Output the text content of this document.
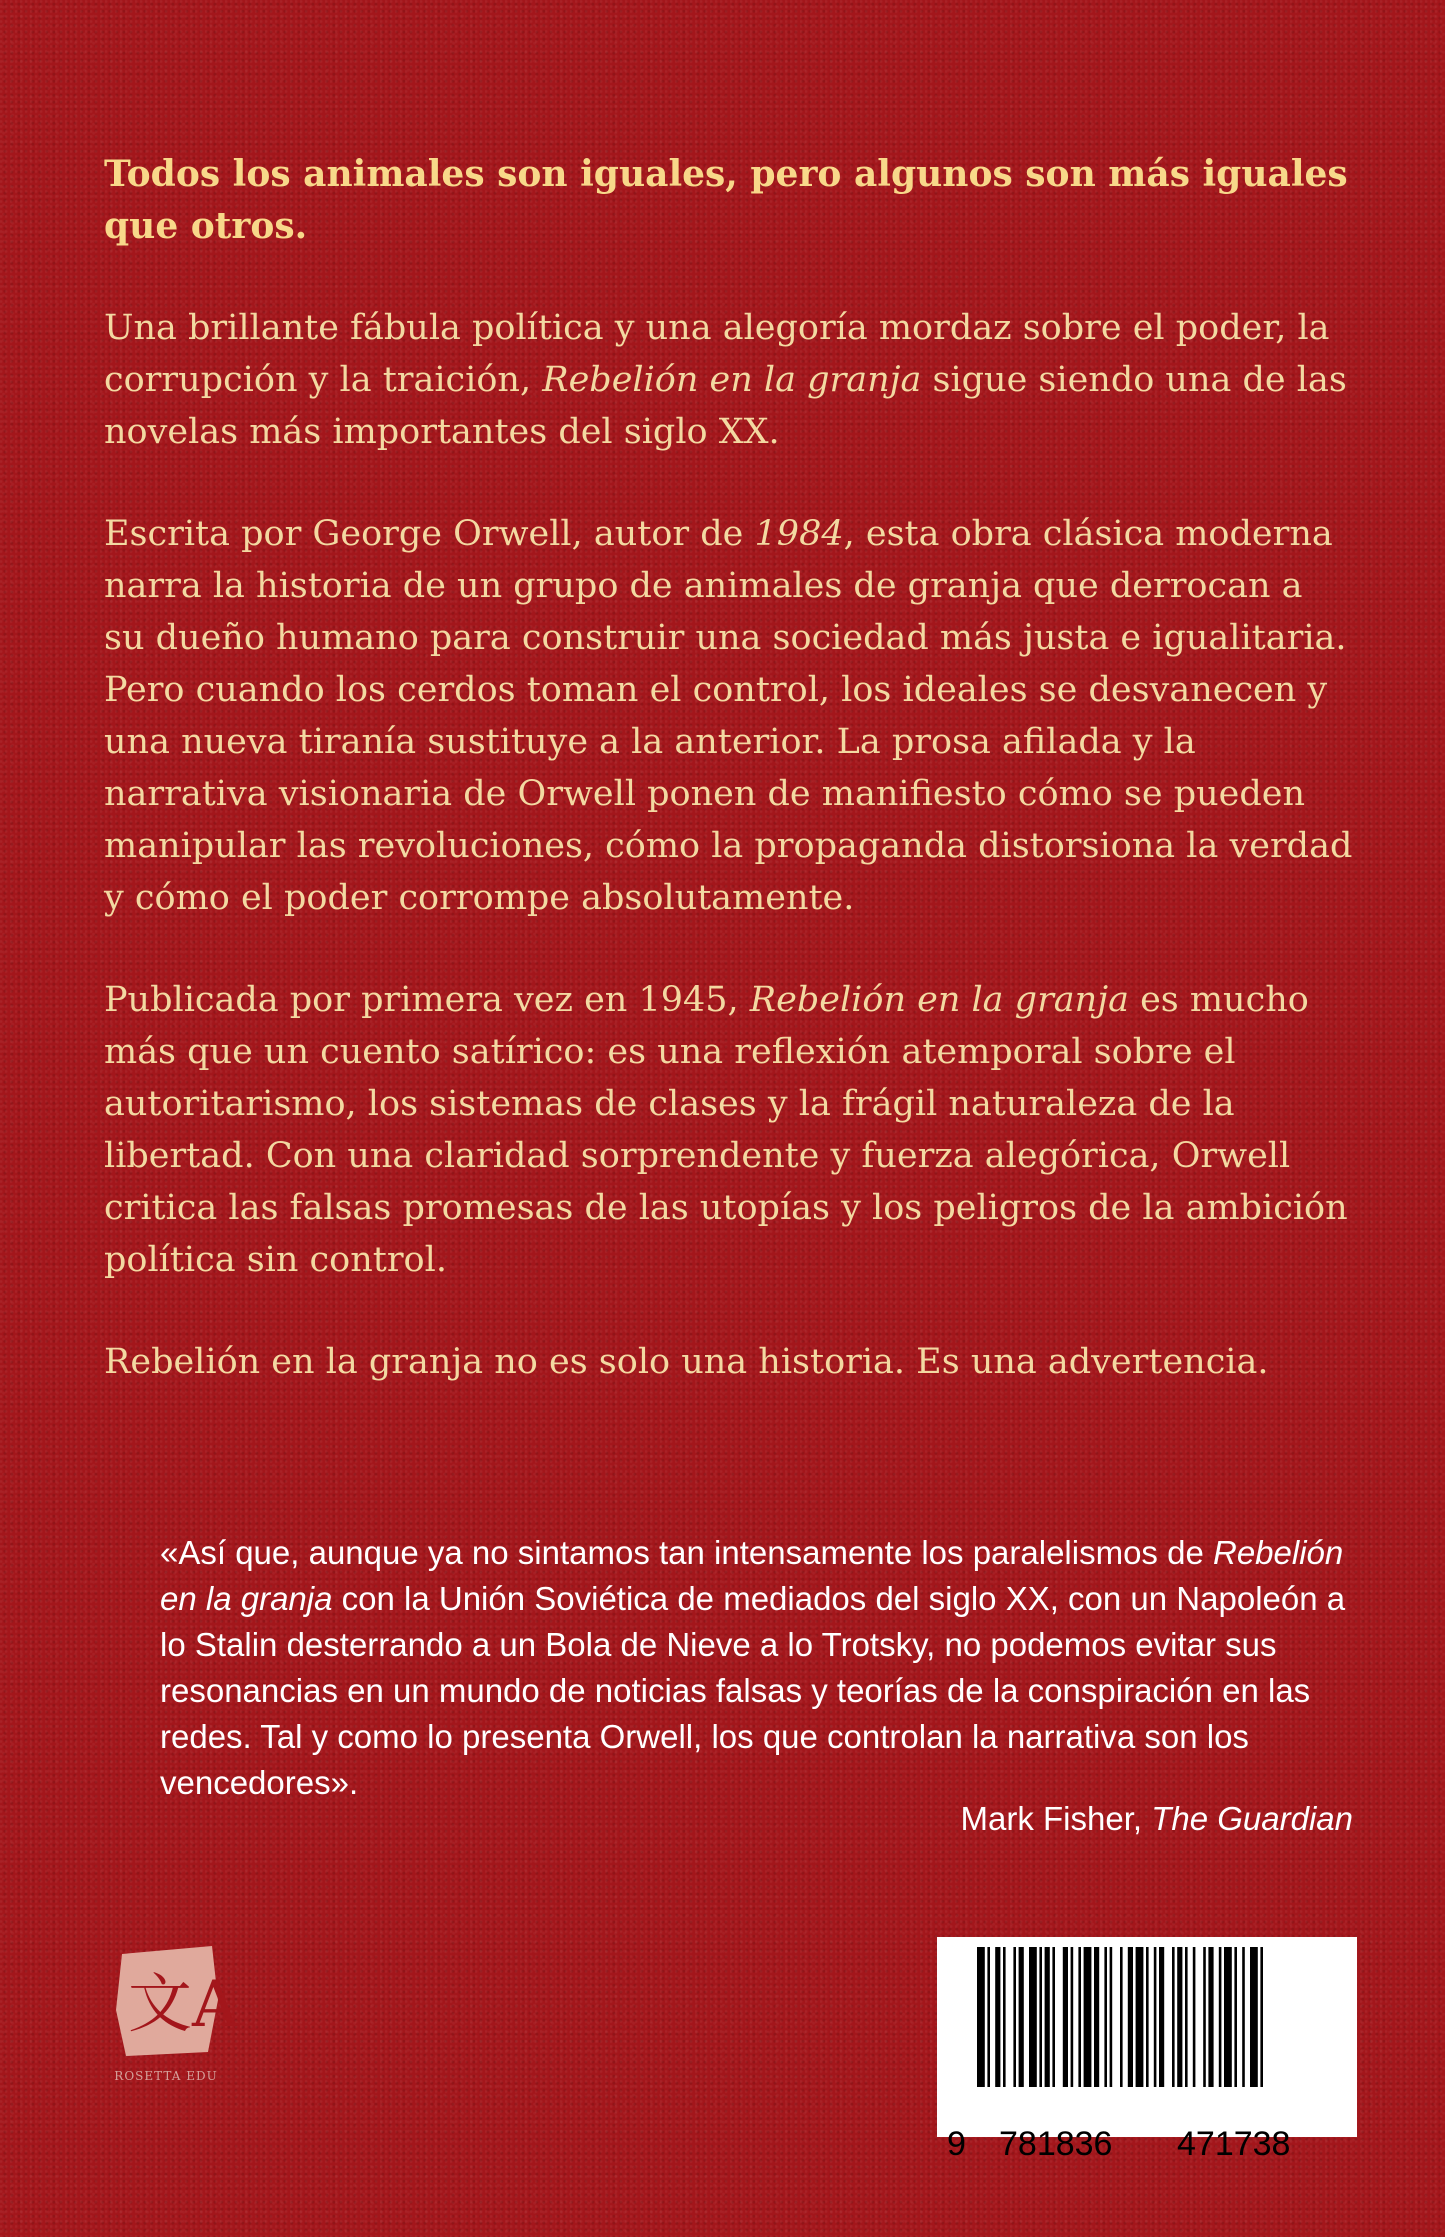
Todos los animales son iguales, pero algunos son más iguales que otros.

Una brillante fábula política y una alegoría mordaz sobre el poder, la corrupción y la traición, Rebelión en la granja sigue siendo una de las novelas más importantes del siglo XX.

Escrita por George Orwell, autor de 1984, esta obra clásica moderna narra la historia de un grupo de animales de granja que derrocan a su dueño humano para construir una sociedad más justa e igualitaria. Pero cuando los cerdos toman el control, los ideales se desvanecen y una nueva tiranía sustituye a la anterior. La prosa afilada y la narrativa visionaria de Orwell ponen de manifiesto cómo se pueden manipular las revoluciones, cómo la propaganda distorsiona la verdad y cómo el poder corrompe absolutamente.

Publicada por primera vez en 1945, Rebelión en la granja es mucho más que un cuento satírico: es una reflexión atemporal sobre el autoritarismo, los sistemas de clases y la frágil naturaleza de la libertad. Con una claridad sorprendente y fuerza alegórica, Orwell critica las falsas promesas de las utopías y los peligros de la ambición política sin control.

Rebelión en la granja no es solo una historia. Es una advertencia.

«Así que, aunque ya no sintamos tan intensamente los paralelismos de Rebelión en la granja con la Unión Soviética de mediados del siglo XX, con un Napoleón a lo Stalin desterrando a un Bola de Nieve a lo Trotsky, no podemos evitar sus resonancias en un mundo de noticias falsas y teorías de la conspiración en las redes. Tal y como lo presenta Orwell, los que controlan la narrativa son los vencedores».

Mark Fisher, The Guardian
文A
ROSETTA EDU
9 781836 471738
